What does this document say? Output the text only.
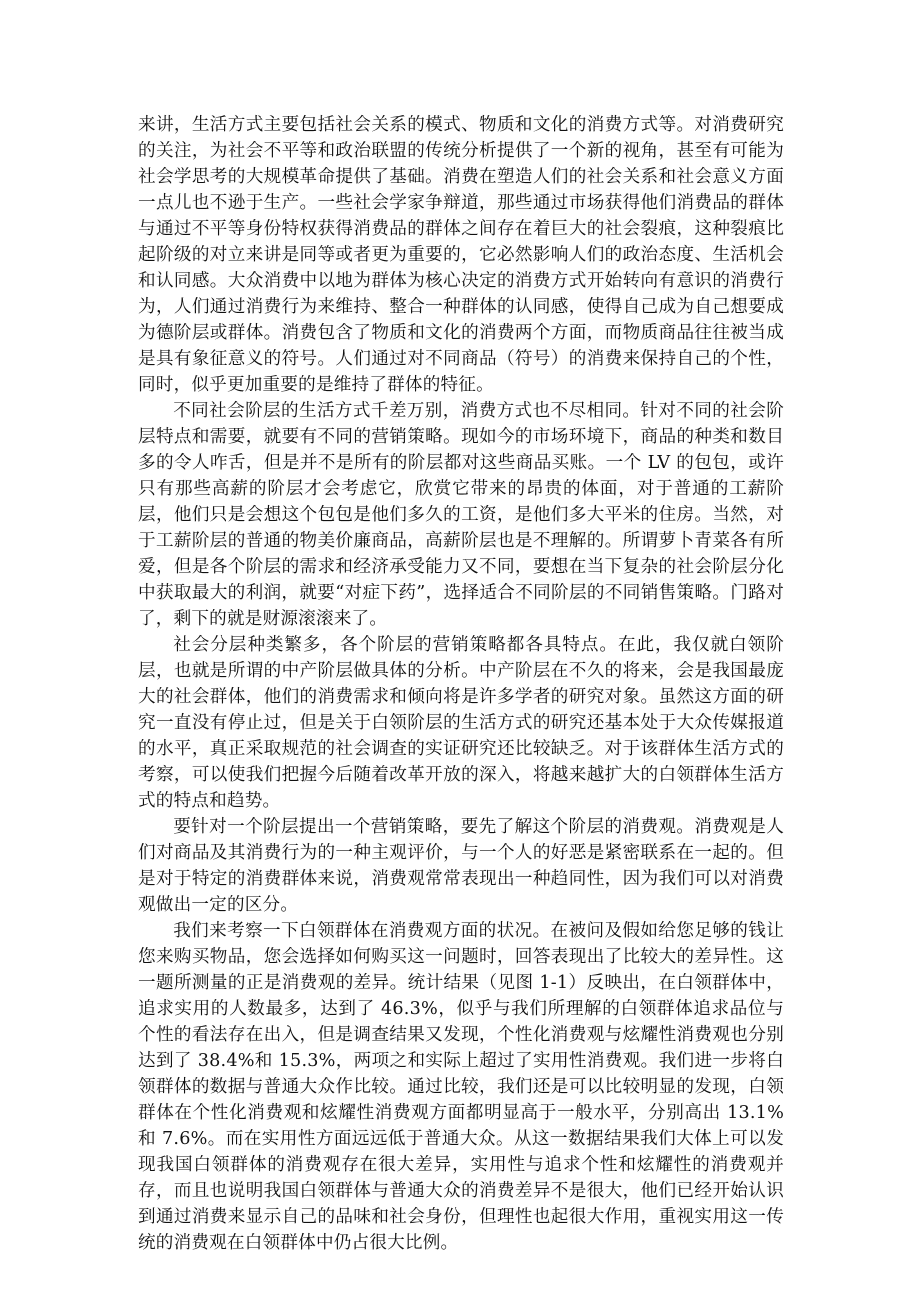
来讲，生活方式主要包括社会关系的模式、物质和文化的消费方式等。对消费研究的关注，为社会不平等和政治联盟的传统分析提供了一个新的视角，甚至有可能为社会学思考的大规模革命提供了基础。消费在塑造人们的社会关系和社会意义方面一点儿也不逊于生产。一些社会学家争辩道，那些通过市场获得他们消费品的群体与通过不平等身份特权获得消费品的群体之间存在着巨大的社会裂痕，这种裂痕比起阶级的对立来讲是同等或者更为重要的，它必然影响人们的政治态度、生活机会和认同感。大众消费中以地为群体为核心决定的消费方式开始转向有意识的消费行为，人们通过消费行为来维持、整合一种群体的认同感，使得自己成为自己想要成为德阶层或群体。消费包含了物质和文化的消费两个方面，而物质商品往往被当成是具有象征意义的符号。人们通过对不同商品（符号）的消费来保持自己的个性，同时，似乎更加重要的是维持了群体的特征。

不同社会阶层的生活方式千差万别，消费方式也不尽相同。针对不同的社会阶层特点和需要，就要有不同的营销策略。现如今的市场环境下，商品的种类和数目多的令人咋舌，但是并不是所有的阶层都对这些商品买账。一个 LV 的包包，或许只有那些高薪的阶层才会考虑它，欣赏它带来的昂贵的体面，对于普通的工薪阶层，他们只是会想这个包包是他们多久的工资，是他们多大平米的住房。当然，对于工薪阶层的普通的物美价廉商品，高薪阶层也是不理解的。所谓萝卜青菜各有所爱，但是各个阶层的需求和经济承受能力又不同，要想在当下复杂的社会阶层分化中获取最大的利润，就要“对症下药”，选择适合不同阶层的不同销售策略。门路对了，剩下的就是财源滚滚来了。

社会分层种类繁多，各个阶层的营销策略都各具特点。在此，我仅就白领阶层，也就是所谓的中产阶层做具体的分析。中产阶层在不久的将来，会是我国最庞大的社会群体，他们的消费需求和倾向将是许多学者的研究对象。虽然这方面的研究一直没有停止过，但是关于白领阶层的生活方式的研究还基本处于大众传媒报道的水平，真正采取规范的社会调查的实证研究还比较缺乏。对于该群体生活方式的考察，可以使我们把握今后随着改革开放的深入，将越来越扩大的白领群体生活方式的特点和趋势。

要针对一个阶层提出一个营销策略，要先了解这个阶层的消费观。消费观是人们对商品及其消费行为的一种主观评价，与一个人的好恶是紧密联系在一起的。但是对于特定的消费群体来说，消费观常常表现出一种趋同性，因为我们可以对消费观做出一定的区分。

我们来考察一下白领群体在消费观方面的状况。在被问及假如给您足够的钱让您来购买物品，您会选择如何购买这一问题时，回答表现出了比较大的差异性。这一题所测量的正是消费观的差异。统计结果（见图 1-1）反映出，在白领群体中，追求实用的人数最多，达到了 46.3%，似乎与我们所理解的白领群体追求品位与个性的看法存在出入，但是调查结果又发现，个性化消费观与炫耀性消费观也分别达到了 38.4%和 15.3%，两项之和实际上超过了实用性消费观。我们进一步将白领群体的数据与普通大众作比较。通过比较，我们还是可以比较明显的发现，白领群体在个性化消费观和炫耀性消费观方面都明显高于一般水平，分别高出 13.1%和 7.6%。而在实用性方面远远低于普通大众。从这一数据结果我们大体上可以发现我国白领群体的消费观存在很大差异，实用性与追求个性和炫耀性的消费观并存，而且也说明我国白领群体与普通大众的消费差异不是很大，他们已经开始认识到通过消费来显示自己的品味和社会身份，但理性也起很大作用，重视实用这一传统的消费观在白领群体中仍占很大比例。
